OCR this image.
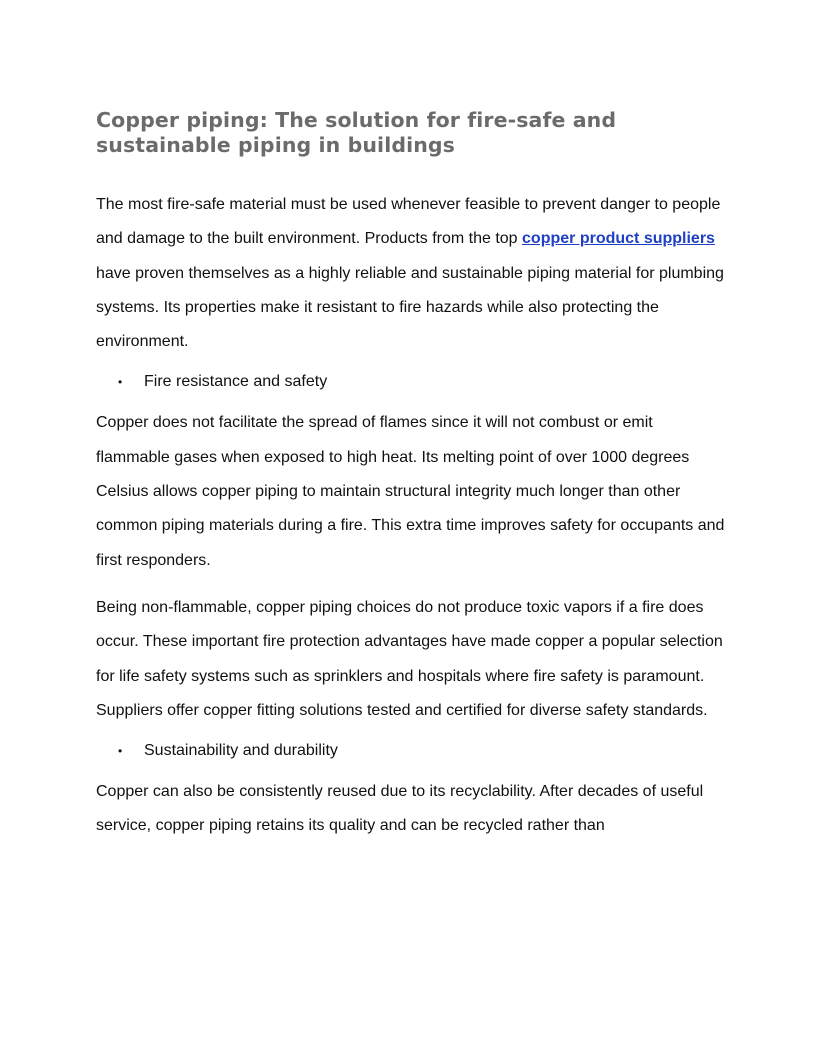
Copper piping: The solution for fire-safe and sustainable piping in buildings

The most fire-safe material must be used whenever feasible to prevent danger to people and damage to the built environment. Products from the top copper product suppliers have proven themselves as a highly reliable and sustainable piping material for plumbing systems. Its properties make it resistant to fire hazards while also protecting the environment.

• Fire resistance and safety

Copper does not facilitate the spread of flames since it will not combust or emit flammable gases when exposed to high heat. Its melting point of over 1000 degrees Celsius allows copper piping to maintain structural integrity much longer than other common piping materials during a fire. This extra time improves safety for occupants and first responders.

Being non-flammable, copper piping choices do not produce toxic vapors if a fire does occur. These important fire protection advantages have made copper a popular selection for life safety systems such as sprinklers and hospitals where fire safety is paramount. Suppliers offer copper fitting solutions tested and certified for diverse safety standards.

• Sustainability and durability

Copper can also be consistently reused due to its recyclability. After decades of useful service, copper piping retains its quality and can be recycled rather than
